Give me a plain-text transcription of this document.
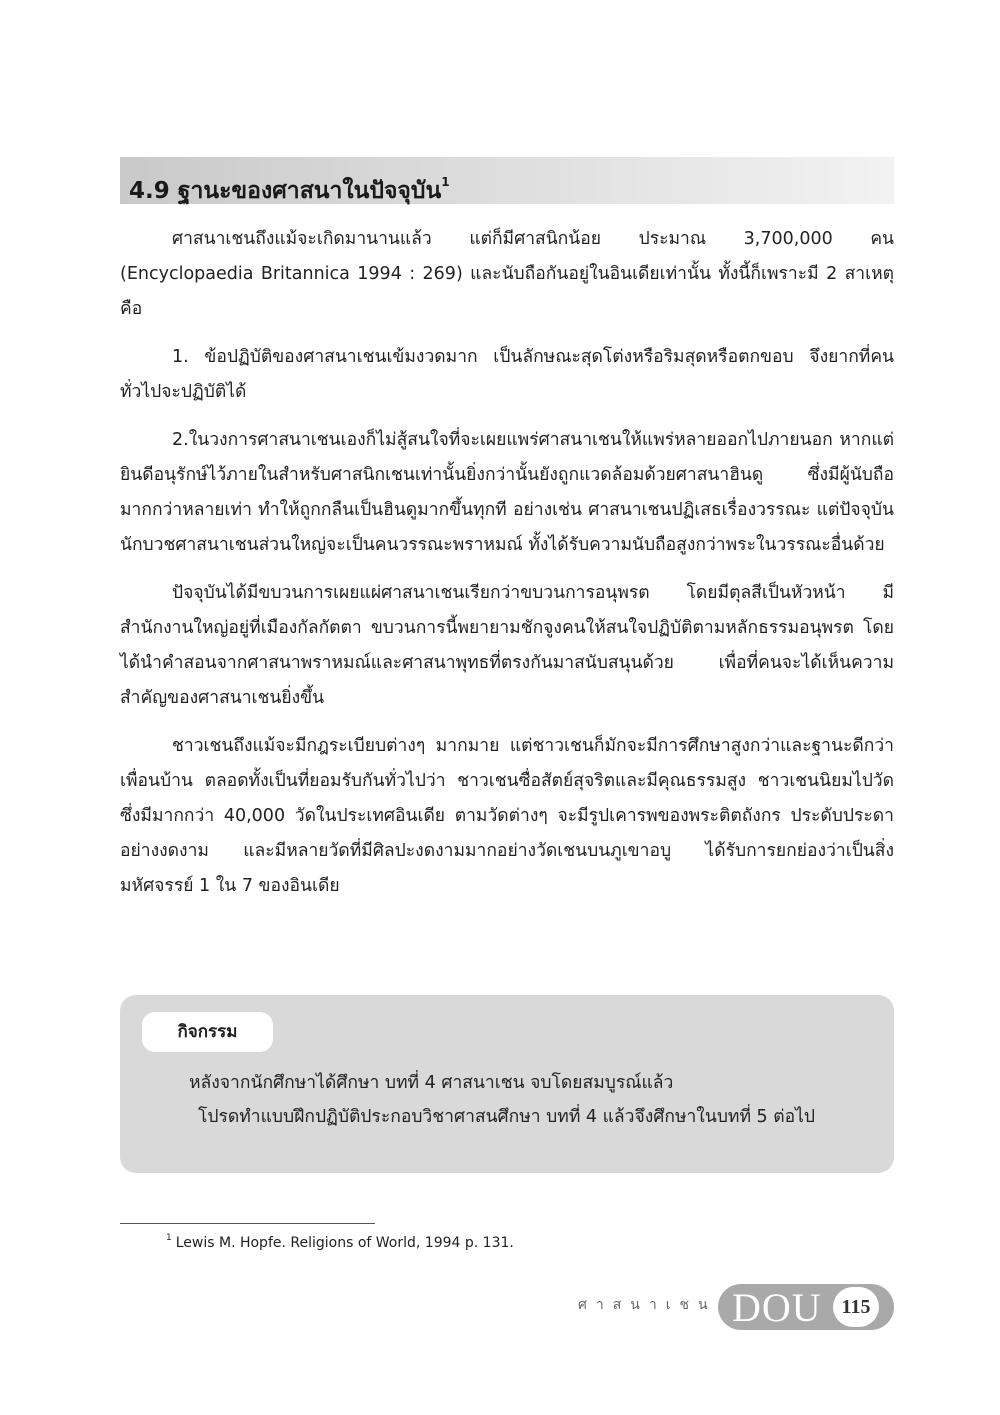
4.9 ฐานะของศาสนาในปัจจุบัน$^1$

ศาสนาเชนถึงแม้จะเกิดมานานแล้ว แต่ก็มีศาสนิกน้อย ประมาณ 3,700,000 คน (Encyclopaedia Britannica 1994 : 269) และนับถือกันอยู่ในอินเดียเท่านั้น ทั้งนี้ก็เพราะมี 2 สาเหตุ คือ

1. ข้อปฏิบัติของศาสนาเชนเข้มงวดมาก เป็นลักษณะสุดโต่งหรือริมสุดหรือตกขอบ จึงยากที่คนทั่วไปจะปฏิบัติได้

2.ในวงการศาสนาเชนเองก็ไม่สู้สนใจที่จะเผยแพร่ศาสนาเชนให้แพร่หลายออกไปภายนอก หากแต่ยินดีอนุรักษ์ไว้ภายในสำหรับศาสนิกเชนเท่านั้นยิ่งกว่านั้นยังถูกแวดล้อมด้วยศาสนาฮินดู ซึ่งมีผู้นับถือมากกว่าหลายเท่า ทำให้ถูกกลืนเป็นฮินดูมากขึ้นทุกที อย่างเช่น ศาสนาเชนปฏิเสธเรื่องวรรณะ แต่ปัจจุบันนักบวชศาสนาเชนส่วนใหญ่จะเป็นคนวรรณะพราหมณ์ ทั้งได้รับความนับถือสูงกว่าพระในวรรณะอื่นด้วย

ปัจจุบันได้มีขบวนการเผยแผ่ศาสนาเชนเรียกว่าขบวนการอนุพรต โดยมีตุลสีเป็นหัวหน้า มีสำนักงานใหญ่อยู่ที่เมืองกัลกัตตา ขบวนการนี้พยายามชักจูงคนให้สนใจปฏิบัติตามหลักธรรมอนุพรต โดยได้นำคำสอนจากศาสนาพราหมณ์และศาสนาพุทธที่ตรงกันมาสนับสนุนด้วย เพื่อที่คนจะได้เห็นความสำคัญของศาสนาเชนยิ่งขึ้น

ชาวเชนถึงแม้จะมีกฎระเบียบต่างๆ มากมาย แต่ชาวเชนก็มักจะมีการศึกษาสูงกว่าและฐานะดีกว่าเพื่อนบ้าน ตลอดทั้งเป็นที่ยอมรับกันทั่วไปว่า ชาวเชนซื่อสัตย์สุจริตและมีคุณธรรมสูง ชาวเชนนิยมไปวัดซึ่งมีมากกว่า 40,000 วัดในประเทศอินเดีย ตามวัดต่างๆ จะมีรูปเคารพของพระติตถังกร ประดับประดาอย่างงดงาม และมีหลายวัดที่มีศิลปะงดงามมากอย่างวัดเชนบนภูเขาอบู ได้รับการยกย่องว่าเป็นสิ่งมหัศจรรย์ 1 ใน 7 ของอินเดีย

กิจกรรม
หลังจากนักศึกษาได้ศึกษา บทที่ 4 ศาสนาเชน จบโดยสมบูรณ์แล้ว
โปรดทำแบบฝึกปฏิบัติประกอบวิชาศาสนศึกษา บทที่ 4 แล้วจึงศึกษาในบทที่ 5 ต่อไป
$^1$ Lewis M. Hopfe. Religions of World, 1994 p. 131.
ศาสนาเชน DOU 115
